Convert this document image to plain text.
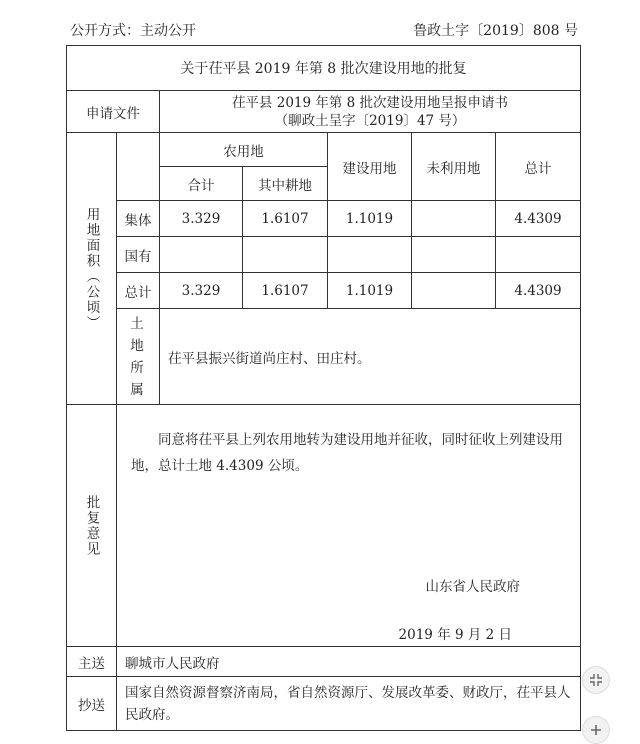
公开方式：主动公开	鲁政土字〔2019〕808 号
关于茌平县 2019 年第 8 批次建设用地的批复						
申请文件		茌平县 2019 年第 8 批次建设用地呈报申请书
（聊政土呈字〔2019〕47 号）				

用地面积（公顷）		农用地		建设用地	未利用地	总计
		合计	其中耕地			
	集体	3.329	1.6107	1.1019		4.4309
	国有					
	总计	3.329	1.6107	1.1019		4.4309

	土地所属	茌平县振兴街道尚庄村、田庄村。				

批复意见	同意将茌平县上列农用地转为建设用地并征收，同时征收上列建设用地，总计土地 4.4309 公顷。
山东省人民政府
2019 年 9 月 2 日					

主送	聊城市人民政府					
抄送	国家自然资源督察济南局，省自然资源厅、发展改革委、财政厅，茌平县人民政府。					
